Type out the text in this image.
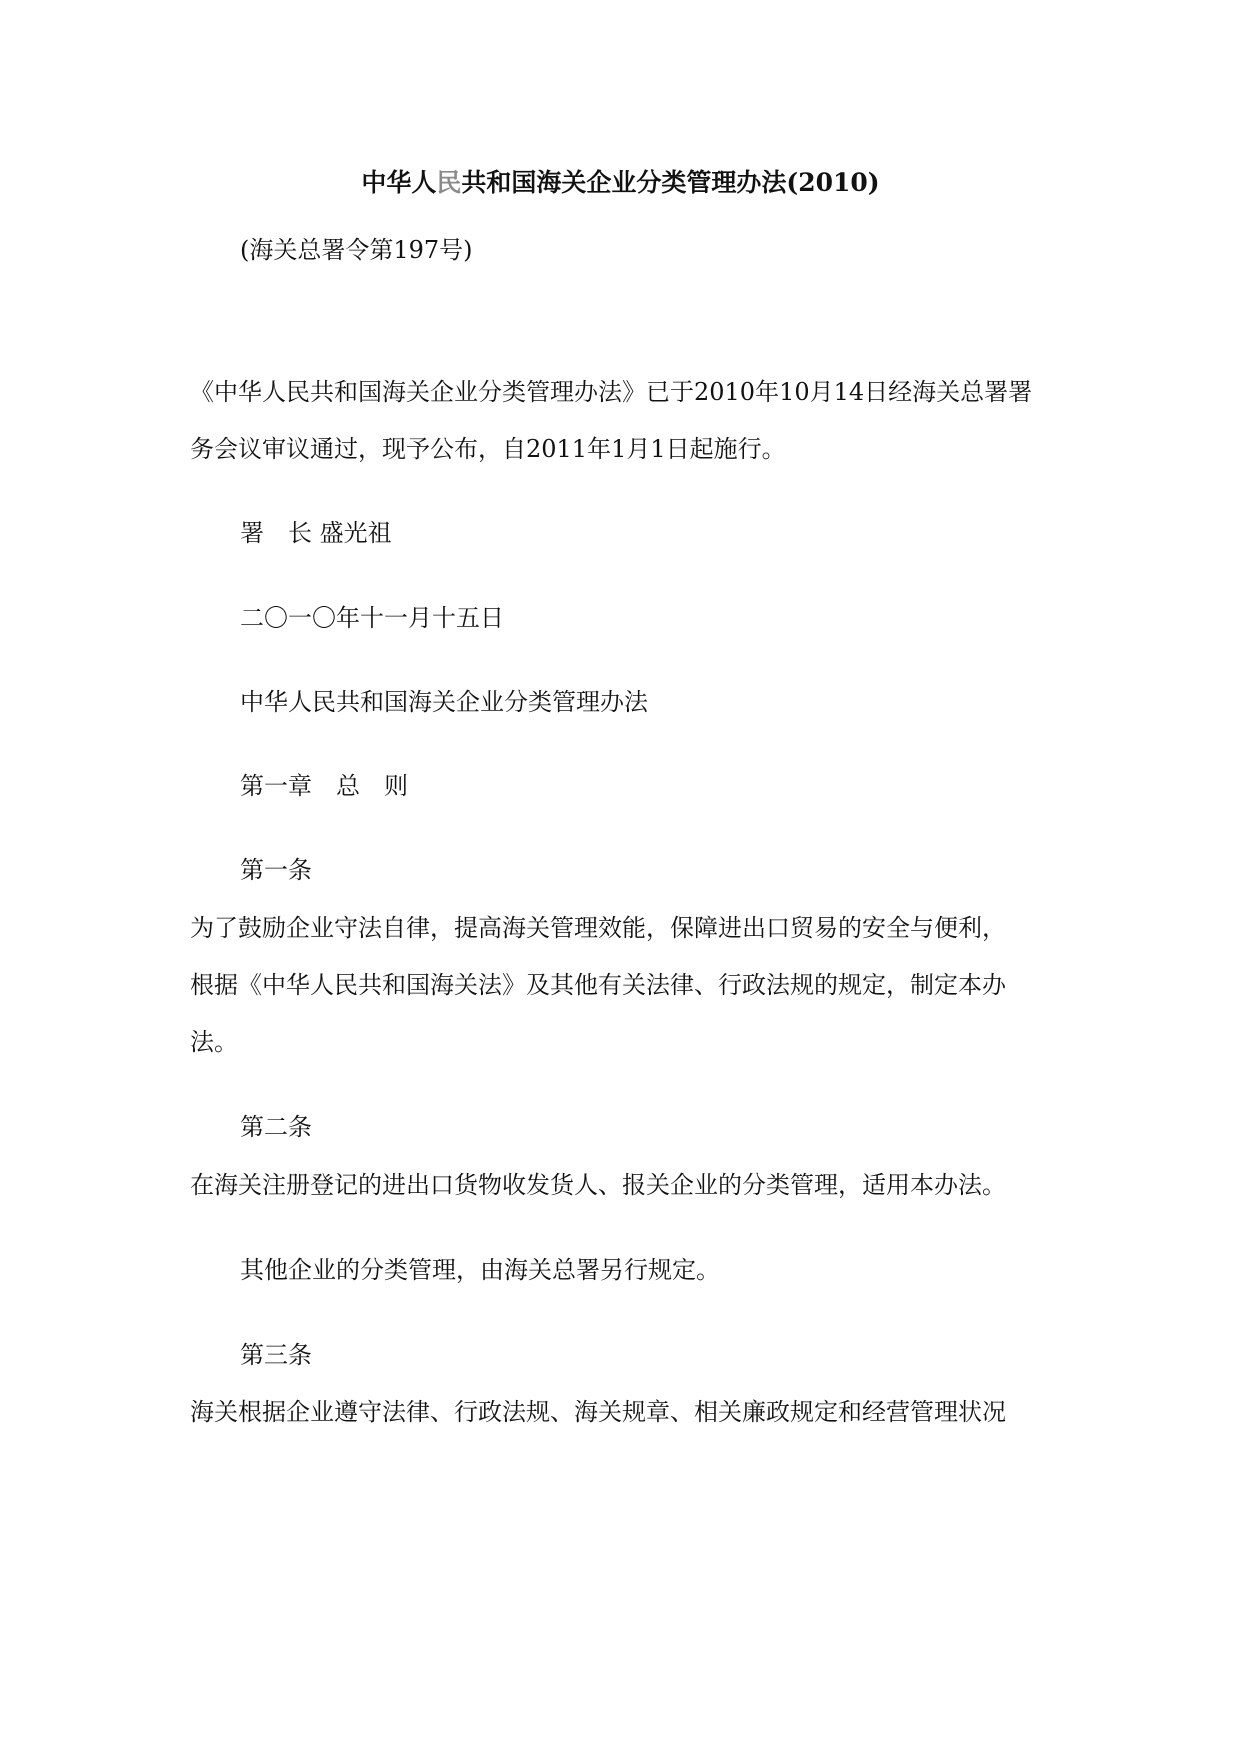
中华人民共和国海关企业分类管理办法(2010)
(海关总署令第197号)
《中华人民共和国海关企业分类管理办法》已于2010年10月14日经海关总署署
务会议审议通过，现予公布，自2011年1月1日起施行。
署　长 盛光祖
二〇一〇年十一月十五日
中华人民共和国海关企业分类管理办法
第一章　总　则
第一条
为了鼓励企业守法自律，提高海关管理效能，保障进出口贸易的安全与便利，
根据《中华人民共和国海关法》及其他有关法律、行政法规的规定，制定本办
法。
第二条
在海关注册登记的进出口货物收发货人、报关企业的分类管理，适用本办法。
其他企业的分类管理，由海关总署另行规定。
第三条
海关根据企业遵守法律、行政法规、海关规章、相关廉政规定和经营管理状况
